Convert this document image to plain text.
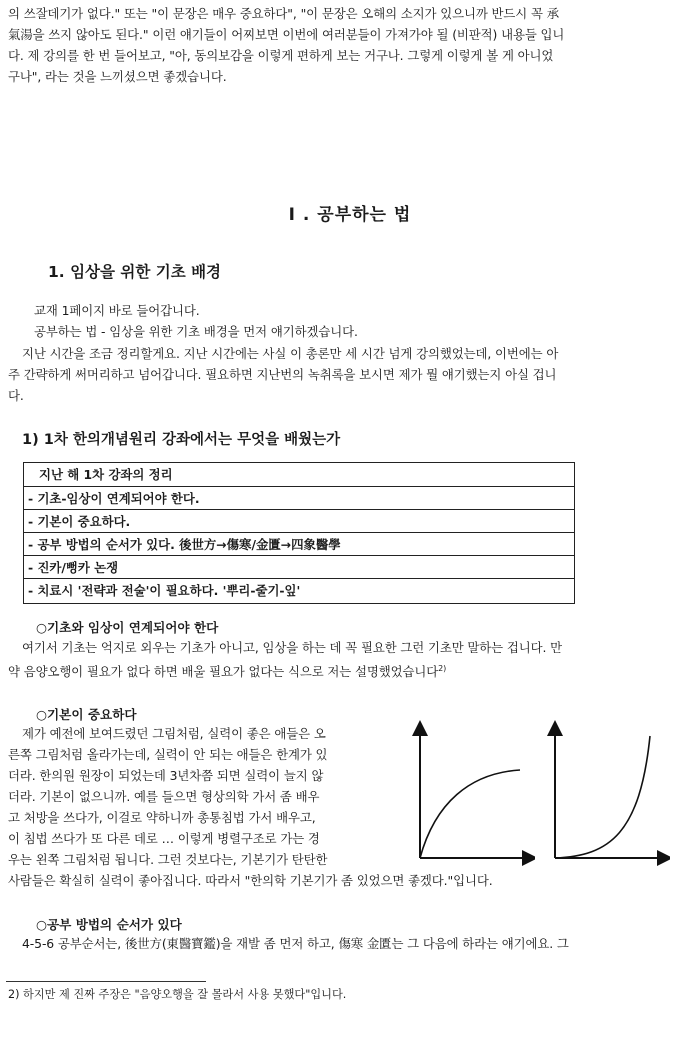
의 쓰잘데기가 없다." 또는 "이 문장은 매우 중요하다", "이 문장은 오해의 소지가 있으니까 반드시 꼭 承
氣湯을 쓰지 않아도 된다." 이런 얘기들이 어찌보면 이번에 여러분들이 가져가야 될 (비판적) 내용들 입니
다. 제 강의를 한 번 들어보고, "아, 동의보감을 이렇게 편하게 보는 거구나. 그렇게 이렇게 볼 게 아니었
구나", 라는 것을 느끼셨으면 좋겠습니다.
I . 공부하는 법
1. 임상을 위한 기초 배경
교재 1페이지 바로 들어갑니다.
공부하는 법 - 임상을 위한 기초 배경을 먼저 얘기하겠습니다.
지난 시간을 조금 정리할게요. 지난 시간에는 사실 이 총론만 세 시간 넘게 강의했었는데, 이번에는 아
주 간략하게 써머리하고 넘어갑니다. 필요하면 지난번의 녹취록을 보시면 제가 뭘 얘기했는지 아실 겁니
다.
1) 1차 한의개념원리 강좌에서는 무엇을 배웠는가
지난 해 1차 강좌의 정리
- 기초-임상이 연계되어야 한다.
- 기본이 중요하다.
- 공부 방법의 순서가 있다. 後世方→傷寒/金匱→四象醫學
- 진카/뻥카 논쟁
- 치료시 '전략과 전술'이 필요하다. '뿌리-줄기-잎'
○기초와 임상이 연계되어야 한다
여기서 기초는 억지로 외우는 기초가 아니고, 임상을 하는 데 꼭 필요한 그런 기초만 말하는 겁니다. 만
약 음양오행이 필요가 없다 하면 배울 필요가 없다는 식으로 저는 설명했었습니다$^{2)}$
○기본이 중요하다
제가 예전에 보여드렸던 그림처럼, 실력이 좋은 애들은 오
른쪽 그림처럼 올라가는데, 실력이 안 되는 애들은 한계가 있
더라. 한의원 원장이 되었는데 3년차쯤 되면 실력이 늘지 않
더라. 기본이 없으니까. 예를 들으면 형상의학 가서 좀 배우
고 처방을 쓰다가, 이걸로 약하니까 총통침법 가서 배우고,
이 침법 쓰다가 또 다른 데로 … 이렇게 병렬구조로 가는 경
우는 왼쪽 그림처럼 됩니다. 그런 것보다는, 기본기가 탄탄한
사람들은 확실히 실력이 좋아집니다. 따라서 "한의학 기본기가 좀 있었으면 좋겠다."입니다.
○공부 방법의 순서가 있다
4-5-6 공부순서는, 後世方(東醫寶鑑)을 재발 좀 먼저 하고, 傷寒 金匱는 그 다음에 하라는 얘기에요. 그
2) 하지만 제 진짜 주장은 "음양오행을 잘 몰라서 사용 못했다"입니다.
